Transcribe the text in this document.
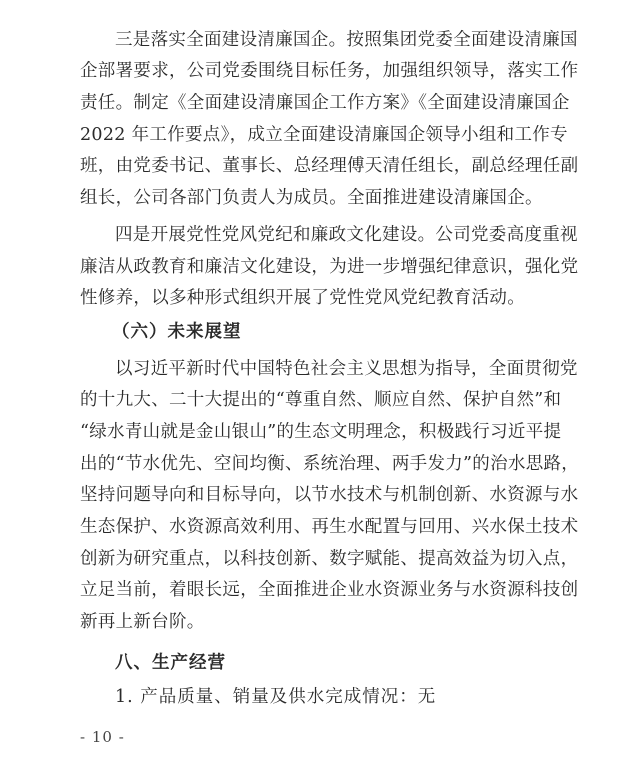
三是落实全面建设清廉国企。按照集团党委全面建设清廉国
企部署要求，公司党委围绕目标任务，加强组织领导，落实工作
责任。制定《全面建设清廉国企工作方案》《全面建设清廉国企
2022 年工作要点》，成立全面建设清廉国企领导小组和工作专
班，由党委书记、董事长、总经理傅天清任组长，副总经理任副
组长，公司各部门负责人为成员。全面推进建设清廉国企。
四是开展党性党风党纪和廉政文化建设。公司党委高度重视
廉洁从政教育和廉洁文化建设，为进一步增强纪律意识，强化党
性修养，以多种形式组织开展了党性党风党纪教育活动。
（六）未来展望
以习近平新时代中国特色社会主义思想为指导，全面贯彻党
的十九大、二十大提出的“尊重自然、顺应自然、保护自然”和
“绿水青山就是金山银山”的生态文明理念，积极践行习近平提
出的“节水优先、空间均衡、系统治理、两手发力”的治水思路，
坚持问题导向和目标导向，以节水技术与机制创新、水资源与水
生态保护、水资源高效利用、再生水配置与回用、兴水保土技术
创新为研究重点，以科技创新、数字赋能、提高效益为切入点，
立足当前，着眼长远，全面推进企业水资源业务与水资源科技创
新再上新台阶。
八、生产经营
1. 产品质量、销量及供水完成情况：无
- 10 -
